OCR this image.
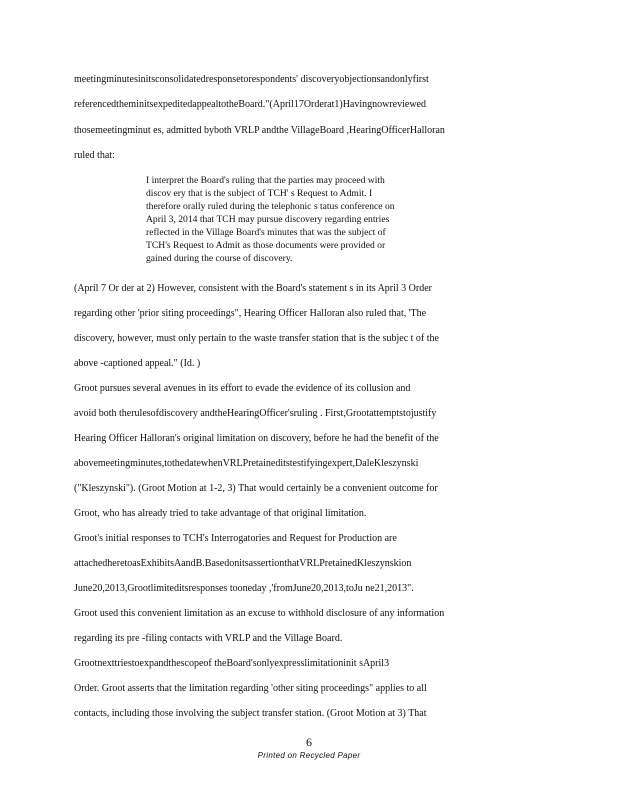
meetingminutesinitsconsolidatedresponsetorespondents' discoveryobjectionsandonlyfirst
referencedtheminitsexpeditedappealtotheBoard."(April17Orderat1)Havingnowreviewed
thosemeetingminut es, admitted byboth VRLP andthe VillageBoard ,HearingOfficerHalloran
ruled that:
I interpret the Board's ruling that the parties may proceed with
discov ery that is the subject of TCH' s Request to Admit. I
therefore orally ruled during the telephonic s tatus conference on
April 3, 2014 that TCH may pursue discovery regarding entries
reflected in the Village Board's minutes that was the subject of
TCH's Request to Admit as those documents were provided or
gained during the course of discovery.
(April 7 Or der at 2) However, consistent with the Board's statement s in its April 3 Order
regarding other 'prior siting proceedings", Hearing Officer Halloran also ruled that, 'The
discovery, however, must only pertain to the waste transfer station that is the subjec t of the
above -captioned appeal." (Id. )
Groot pursues several avenues in its effort to evade the evidence of its collusion and
avoid both therulesofdiscovery andtheHearingOfficer'sruling . First,Grootattemptstojustify
Hearing Officer Halloran's original limitation on discovery, before he had the benefit of the
abovemeetingminutes,tothedatewhenVRLPretaineditstestifyingexpert,DaleKleszynski
("Kleszynski"). (Groot Motion at 1-2, 3) That would certainly be a convenient outcome for
Groot, who has already tried to take advantage of that original limitation.
Groot's initial responses to TCH's Interrogatories and Request for Production are
attachedheretoasExhibitsAandB.BasedonitsassertionthatVRLPretainedKleszynskion
June20,2013,Grootlimiteditsresponses tooneday ,'fromJune20,2013,toJu ne21,2013".
Groot used this convenient limitation as an excuse to withhold disclosure of any information
regarding its pre -filing contacts with VRLP and the Village Board.
Grootnexttriestoexpandthescopeof theBoard'sonlyexpresslimitationinit sApril3
Order. Groot asserts that the limitation regarding 'other siting proceedings" applies to all
contacts, including those involving the subject transfer station. (Groot Motion at 3) That
6
Printed on Recycled Paper
